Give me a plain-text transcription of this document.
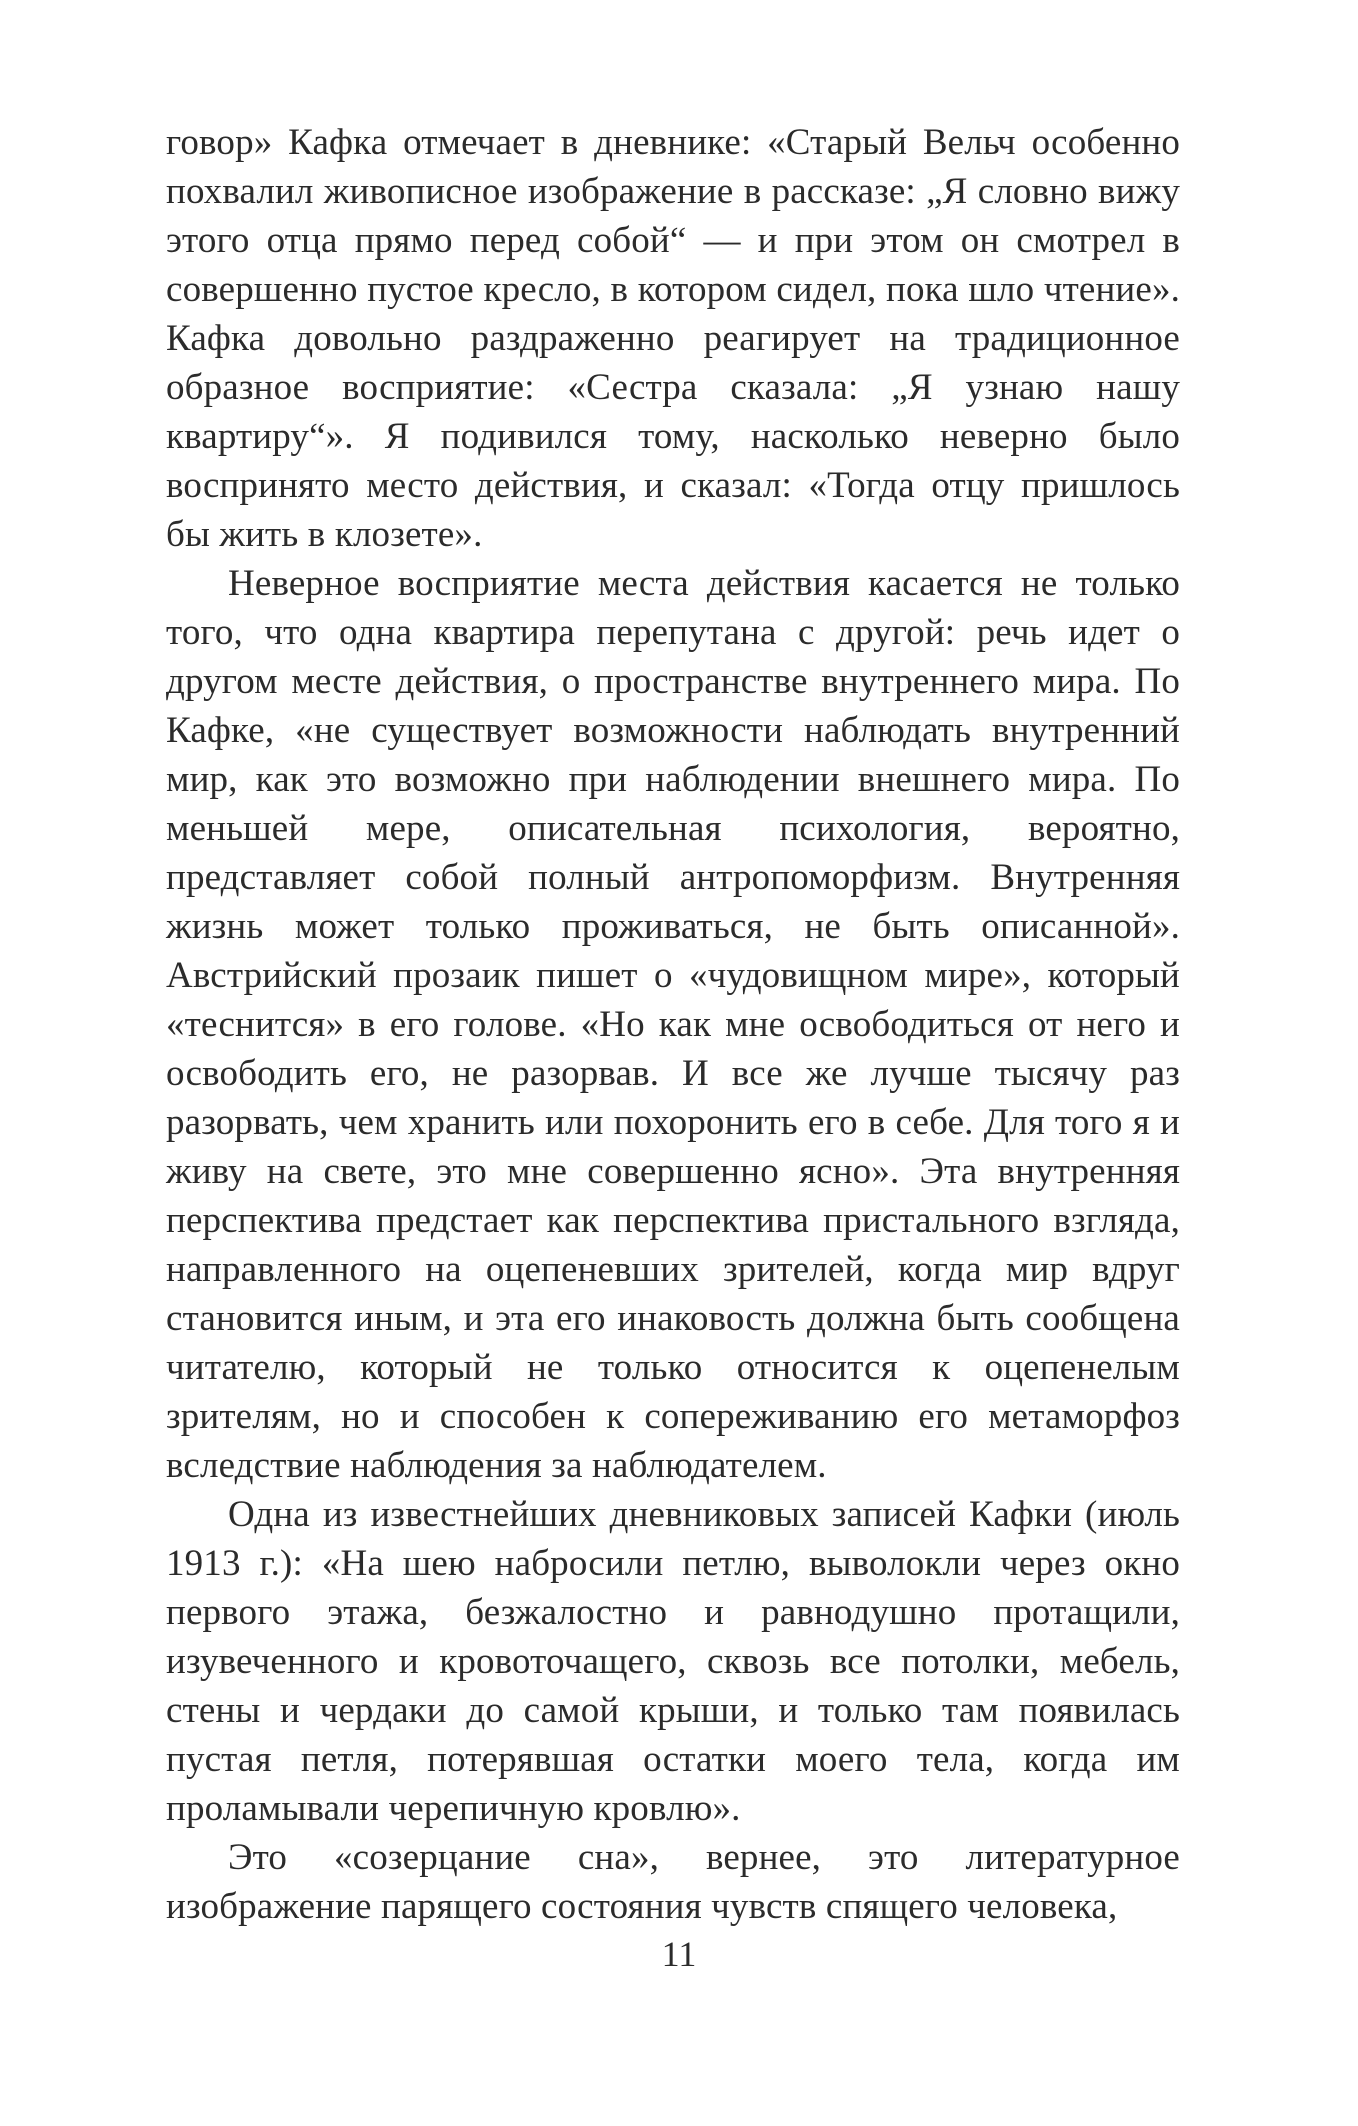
говор» Кафка отмечает в дневнике: «Старый Вельч особенно похвалил живописное изображение в рассказе: „Я словно вижу этого отца прямо перед собой“ — и при этом он смотрел в совершенно пустое кресло, в котором сидел, пока шло чтение». Кафка довольно раздраженно реагирует на традиционное образное восприятие: «Сестра сказала: „Я узнаю нашу квартиру“». Я подивился тому, насколько неверно было воспринято место действия, и сказал: «Тогда отцу пришлось бы жить в клозете».

Неверное восприятие места действия касается не только того, что одна квартира перепутана с другой: речь идет о другом месте действия, о пространстве внутреннего мира. По Кафке, «не существует возможности наблюдать внутренний мир, как это возможно при наблюдении внешнего мира. По меньшей мере, описательная психология, вероятно, представляет собой полный антропоморфизм. Внутренняя жизнь может только проживаться, не быть описанной». Австрийский прозаик пишет о «чудовищном мире», который «теснится» в его голове. «Но как мне освободиться от него и освободить его, не разорвав. И все же лучше тысячу раз разорвать, чем хранить или похоронить его в себе. Для того я и живу на свете, это мне совершенно ясно». Эта внутренняя перспектива предстает как перспектива пристального взгляда, направленного на оцепеневших зрителей, когда мир вдруг становится иным, и эта его инаковость должна быть сообщена читателю, который не только относится к оцепенелым зрителям, но и способен к сопереживанию его метаморфоз вследствие наблюдения за наблюдателем.

Одна из известнейших дневниковых записей Кафки (июль 1913 г.): «На шею набросили петлю, выволокли через окно первого этажа, безжалостно и равнодушно протащили, изувеченного и кровоточащего, сквозь все потолки, мебель, стены и чердаки до самой крыши, и только там появилась пустая петля, потерявшая остатки моего тела, когда им проламывали черепичную кровлю».

Это «созерцание сна», вернее, это литературное изображение парящего состояния чувств спящего человека,

11
